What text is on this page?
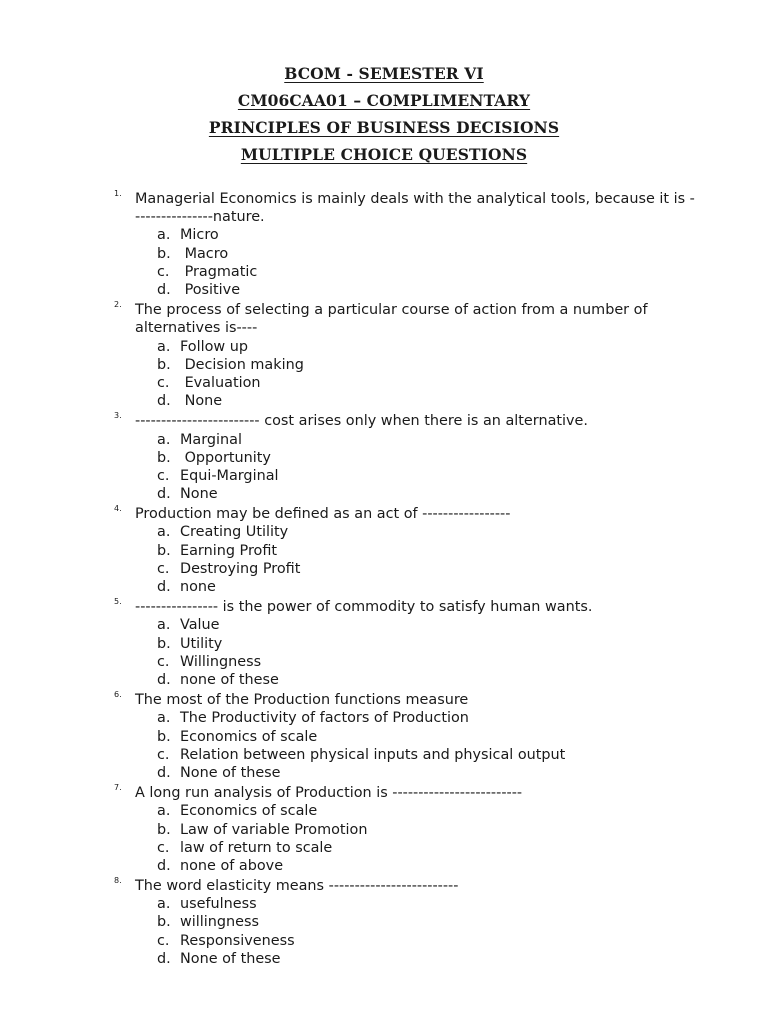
BCOM - SEMESTER VI
CM06CAA01 – COMPLIMENTARY
PRINCIPLES OF BUSINESS DECISIONS
MULTIPLE CHOICE QUESTIONS
1. Managerial Economics is mainly deals with the analytical tools, because it is ----------------nature.
a. Micro
b. Macro
c. Pragmatic
d. Positive
2. The process of selecting a particular course of action from a number of alternatives is----
a. Follow up
b. Decision making
c. Evaluation
d. None
3. ------------------------ cost arises only when there is an alternative.
a. Marginal
b. Opportunity
c. Equi-Marginal
d. None
4. Production may be defined as an act of -----------------
a. Creating Utility
b. Earning Profit
c. Destroying Profit
d. none
5. ---------------- is the power of commodity to satisfy human wants.
a. Value
b. Utility
c. Willingness
d. none of these
6. The most of the Production functions measure
a. The Productivity of factors of Production
b. Economics of scale
c. Relation between physical inputs and physical output
d. None of these
7. A long run analysis of Production is -------------------------
a. Economics of scale
b. Law of variable Promotion
c. law of return to scale
d. none of above
8. The word elasticity means -------------------------
a. usefulness
b. willingness
c. Responsiveness
d. None of these
